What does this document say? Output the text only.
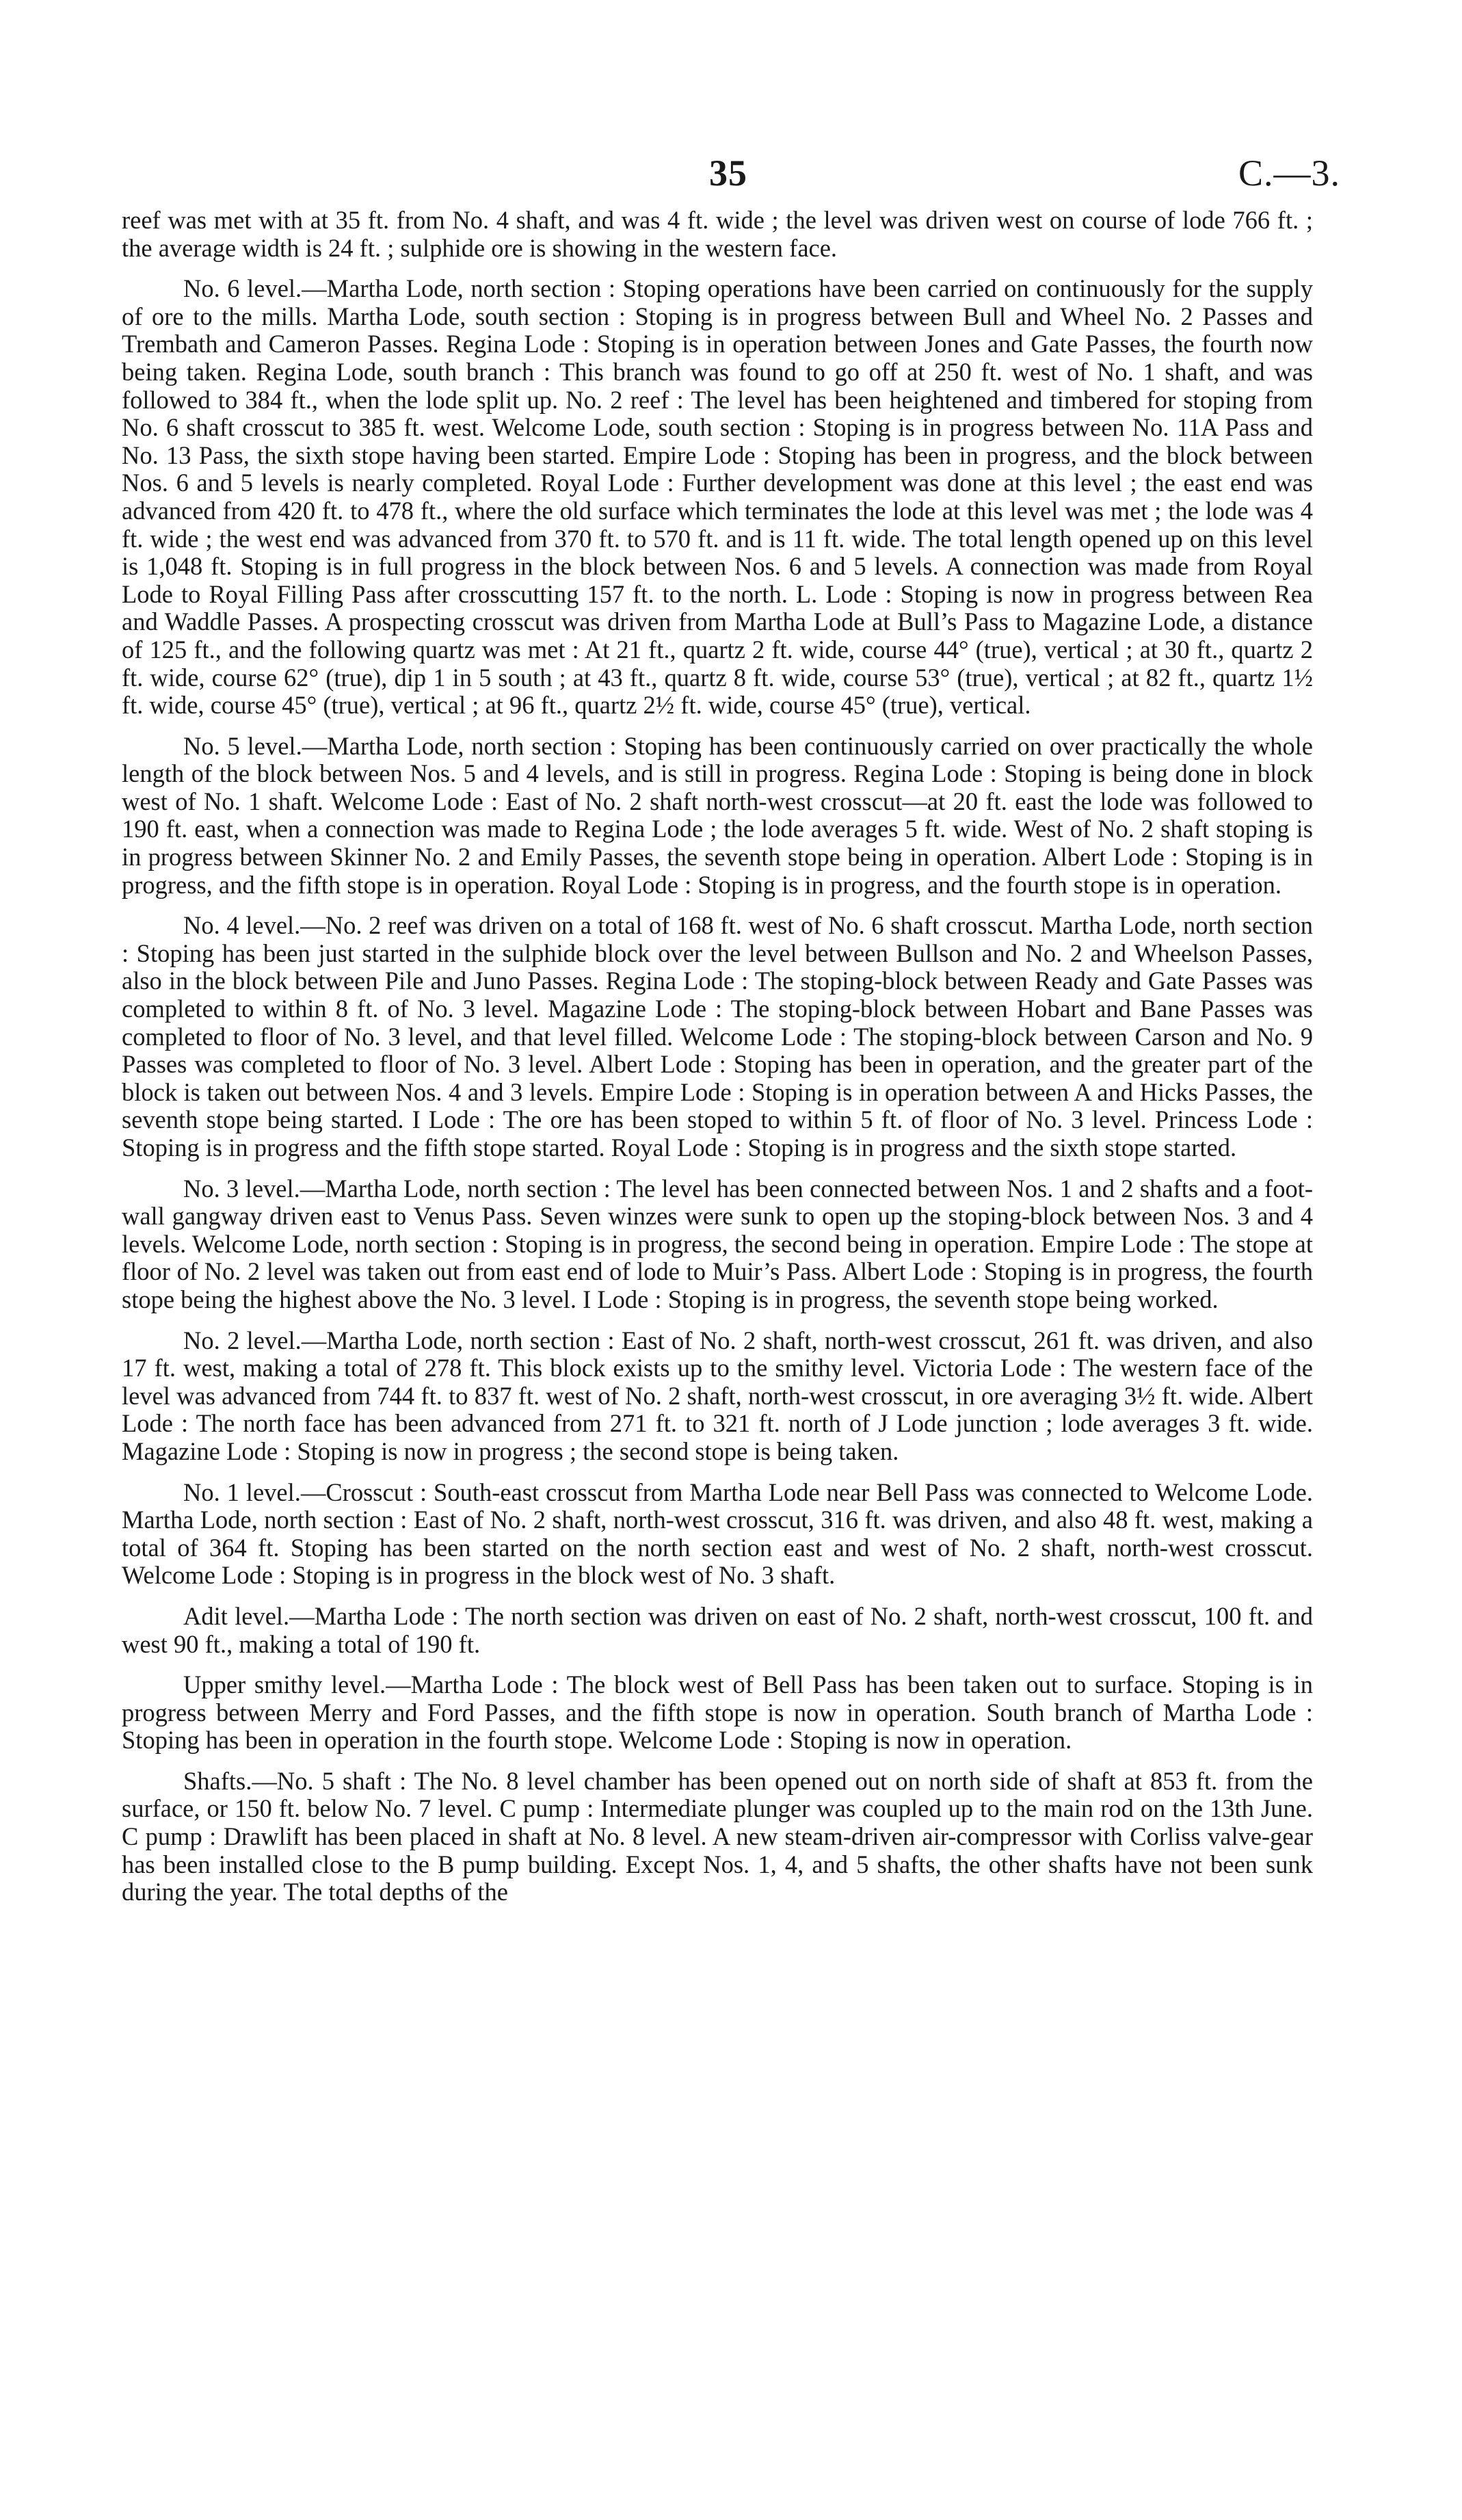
35	C.—3.

reef was met with at 35 ft. from No. 4 shaft, and was 4 ft. wide ; the level was driven west on course of lode 766 ft. ; the average width is 24 ft. ; sulphide ore is showing in the western face.

No. 6 level.—Martha Lode, north section : Stoping operations have been carried on continuously for the supply of ore to the mills. Martha Lode, south section : Stoping is in progress between Bull and Wheel No. 2 Passes and Trembath and Cameron Passes. Regina Lode : Stoping is in operation between Jones and Gate Passes, the fourth now being taken. Regina Lode, south branch : This branch was found to go off at 250 ft. west of No. 1 shaft, and was followed to 384 ft., when the lode split up. No. 2 reef : The level has been heightened and timbered for stoping from No. 6 shaft crosscut to 385 ft. west. Welcome Lode, south section : Stoping is in progress between No. 11A Pass and No. 13 Pass, the sixth stope having been started. Empire Lode : Stoping has been in progress, and the block between Nos. 6 and 5 levels is nearly completed. Royal Lode : Further development was done at this level ; the east end was advanced from 420 ft. to 478 ft., where the old surface which terminates the lode at this level was met ; the lode was 4 ft. wide ; the west end was advanced from 370 ft. to 570 ft. and is 11 ft. wide. The total length opened up on this level is 1,048 ft. Stoping is in full progress in the block between Nos. 6 and 5 levels. A connection was made from Royal Lode to Royal Filling Pass after crosscutting 157 ft. to the north. L. Lode : Stoping is now in progress between Rea and Waddle Passes. A prospecting crosscut was driven from Martha Lode at Bull’s Pass to Magazine Lode, a distance of 125 ft., and the following quartz was met : At 21 ft., quartz 2 ft. wide, course 44° (true), vertical ; at 30 ft., quartz 2 ft. wide, course 62° (true), dip 1 in 5 south ; at 43 ft., quartz 8 ft. wide, course 53° (true), vertical ; at 82 ft., quartz 1½ ft. wide, course 45° (true), vertical ; at 96 ft., quartz 2½ ft. wide, course 45° (true), vertical.

No. 5 level.—Martha Lode, north section : Stoping has been continuously carried on over practically the whole length of the block between Nos. 5 and 4 levels, and is still in progress. Regina Lode : Stoping is being done in block west of No. 1 shaft. Welcome Lode : East of No. 2 shaft north-west crosscut—at 20 ft. east the lode was followed to 190 ft. east, when a connection was made to Regina Lode ; the lode averages 5 ft. wide. West of No. 2 shaft stoping is in progress between Skinner No. 2 and Emily Passes, the seventh stope being in operation. Albert Lode : Stoping is in progress, and the fifth stope is in operation. Royal Lode : Stoping is in progress, and the fourth stope is in operation.

No. 4 level.—No. 2 reef was driven on a total of 168 ft. west of No. 6 shaft crosscut. Martha Lode, north section : Stoping has been just started in the sulphide block over the level between Bullson and No. 2 and Wheelson Passes, also in the block between Pile and Juno Passes. Regina Lode : The stoping-block between Ready and Gate Passes was completed to within 8 ft. of No. 3 level. Magazine Lode : The stoping-block between Hobart and Bane Passes was completed to floor of No. 3 level, and that level filled. Welcome Lode : The stoping-block between Carson and No. 9 Passes was completed to floor of No. 3 level. Albert Lode : Stoping has been in operation, and the greater part of the block is taken out between Nos. 4 and 3 levels. Empire Lode : Stoping is in operation between A and Hicks Passes, the seventh stope being started. I Lode : The ore has been stoped to within 5 ft. of floor of No. 3 level. Princess Lode : Stoping is in progress and the fifth stope started. Royal Lode : Stoping is in progress and the sixth stope started.

No. 3 level.—Martha Lode, north section : The level has been connected between Nos. 1 and 2 shafts and a foot-wall gangway driven east to Venus Pass. Seven winzes were sunk to open up the stoping-block between Nos. 3 and 4 levels. Welcome Lode, north section : Stoping is in progress, the second being in operation. Empire Lode : The stope at floor of No. 2 level was taken out from east end of lode to Muir’s Pass. Albert Lode : Stoping is in progress, the fourth stope being the highest above the No. 3 level. I Lode : Stoping is in progress, the seventh stope being worked.

No. 2 level.—Martha Lode, north section : East of No. 2 shaft, north-west crosscut, 261 ft. was driven, and also 17 ft. west, making a total of 278 ft. This block exists up to the smithy level. Victoria Lode : The western face of the level was advanced from 744 ft. to 837 ft. west of No. 2 shaft, north-west crosscut, in ore averaging 3½ ft. wide. Albert Lode : The north face has been advanced from 271 ft. to 321 ft. north of J Lode junction ; lode averages 3 ft. wide. Magazine Lode : Stoping is now in progress ; the second stope is being taken.

No. 1 level.—Crosscut : South-east crosscut from Martha Lode near Bell Pass was connected to Welcome Lode. Martha Lode, north section : East of No. 2 shaft, north-west crosscut, 316 ft. was driven, and also 48 ft. west, making a total of 364 ft. Stoping has been started on the north section east and west of No. 2 shaft, north-west crosscut. Welcome Lode : Stoping is in progress in the block west of No. 3 shaft.

Adit level.—Martha Lode : The north section was driven on east of No. 2 shaft, north-west crosscut, 100 ft. and west 90 ft., making a total of 190 ft.

Upper smithy level.—Martha Lode : The block west of Bell Pass has been taken out to surface. Stoping is in progress between Merry and Ford Passes, and the fifth stope is now in operation. South branch of Martha Lode : Stoping has been in operation in the fourth stope. Welcome Lode : Stoping is now in operation.

Shafts.—No. 5 shaft : The No. 8 level chamber has been opened out on north side of shaft at 853 ft. from the surface, or 150 ft. below No. 7 level. C pump : Intermediate plunger was coupled up to the main rod on the 13th June. C pump : Drawlift has been placed in shaft at No. 8 level. A new steam-driven air-compressor with Corliss valve-gear has been installed close to the B pump building. Except Nos. 1, 4, and 5 shafts, the other shafts have not been sunk during the year. The total depths of the
